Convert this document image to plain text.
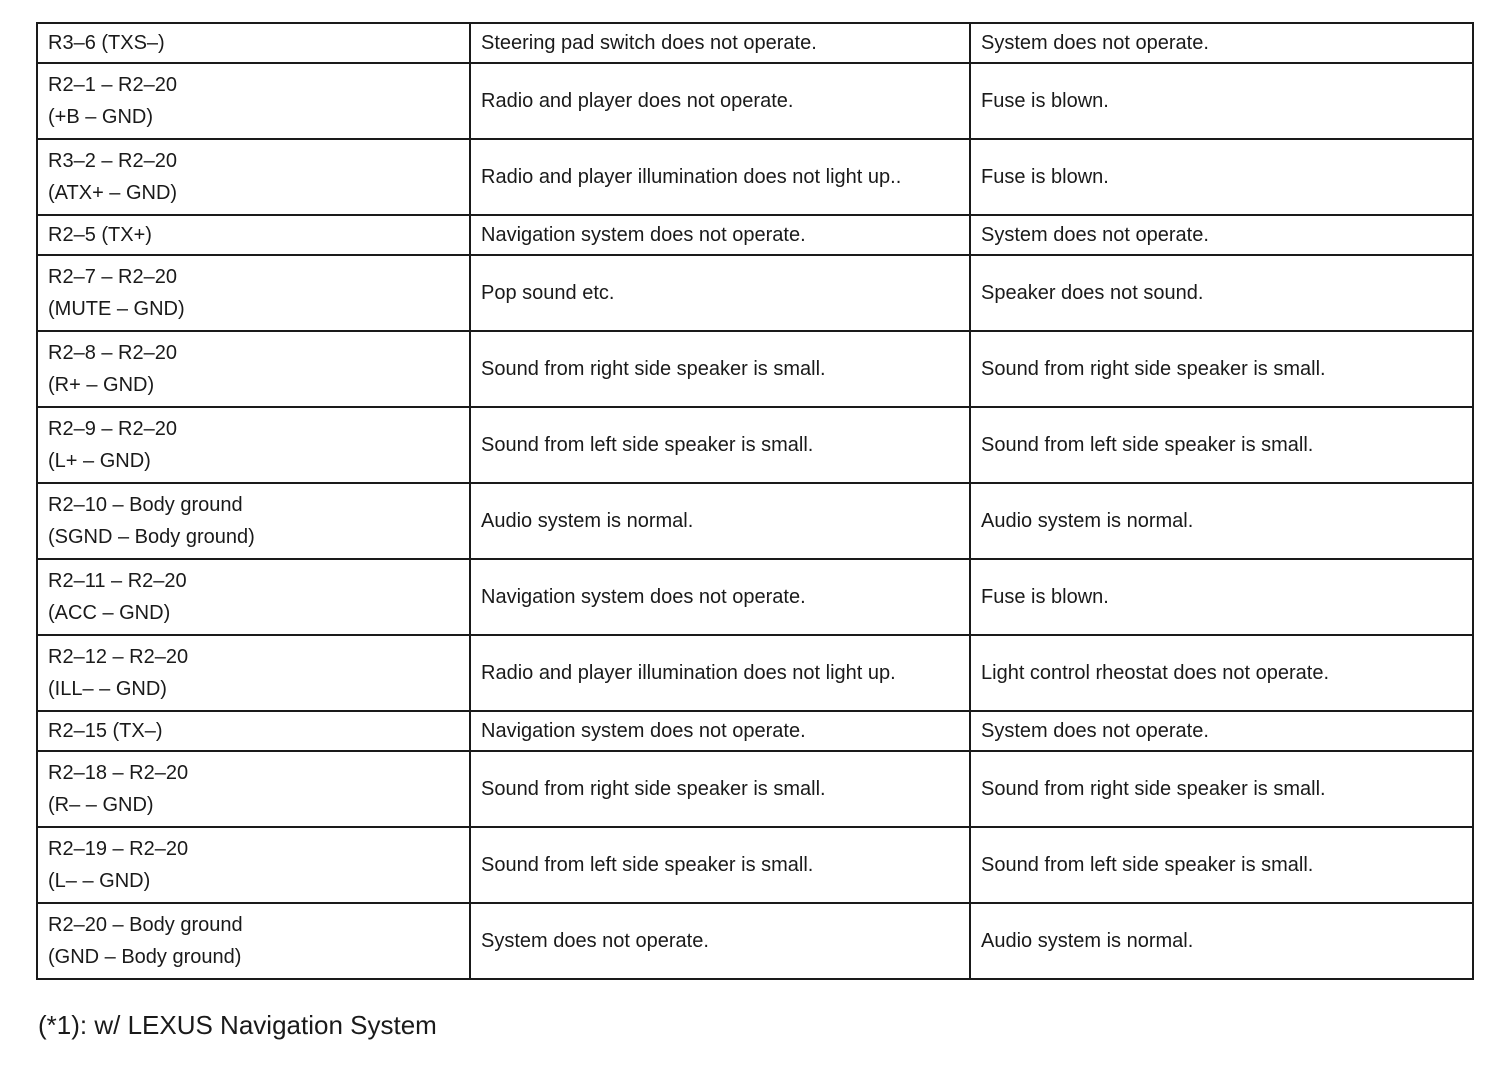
R3–6 (TXS–)	Steering pad switch does not operate.	System does not operate.

R2–1 – R2–20
(+B – GND)	Radio and player does not operate.	Fuse is blown.

R3–2 – R2–20
(ATX+ – GND)	Radio and player illumination does not light up..	Fuse is blown.

R2–5 (TX+)	Navigation system does not operate.	System does not operate.

R2–7 – R2–20
(MUTE – GND)	Pop sound etc.	Speaker does not sound.

R2–8 – R2–20
(R+ – GND)	Sound from right side speaker is small.	Sound from right side speaker is small.

R2–9 – R2–20
(L+ – GND)	Sound from left side speaker is small.	Sound from left side speaker is small.

R2–10 – Body ground
(SGND – Body ground)	Audio system is normal.	Audio system is normal.

R2–11 – R2–20
(ACC – GND)	Navigation system does not operate.	Fuse is blown.

R2–12 – R2–20
(ILL– – GND)	Radio and player illumination does not light up.	Light control rheostat does not operate.

R2–15 (TX–)	Navigation system does not operate.	System does not operate.

R2–18 – R2–20
(R– – GND)	Sound from right side speaker is small.	Sound from right side speaker is small.

R2–19 – R2–20
(L– – GND)	Sound from left side speaker is small.	Sound from left side speaker is small.

R2–20 – Body ground
(GND – Body ground)	System does not operate.	Audio system is normal.
(*1): w/ LEXUS Navigation System
